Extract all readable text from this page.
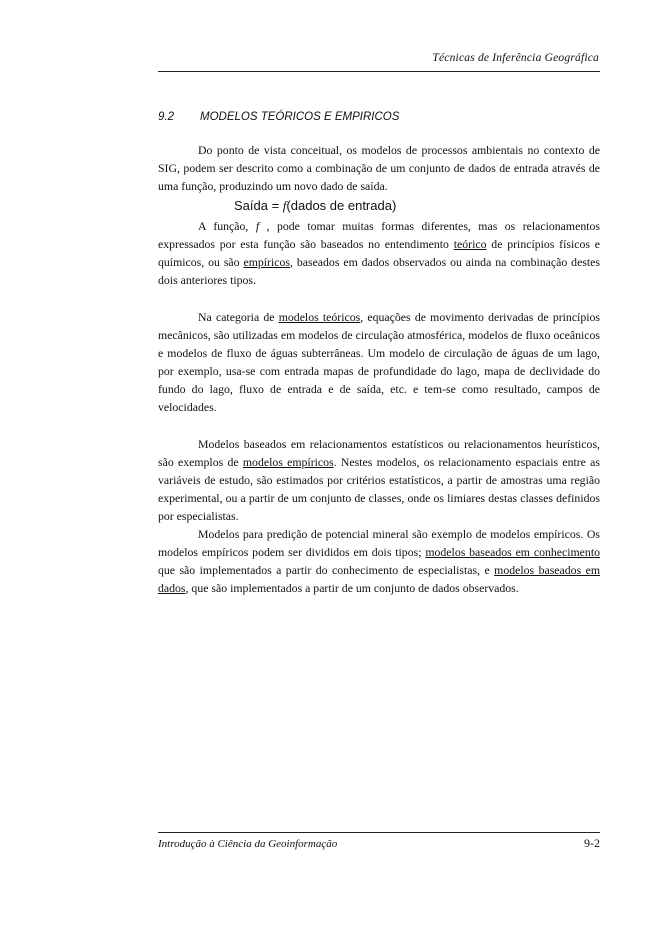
Técnicas de Inferência Geográfica
9.2 MODELOS TEÓRICOS E EMPIRICOS

Do ponto de vista conceitual, os modelos de processos ambientais no contexto de SIG, podem ser descrito como a combinação de um conjunto de dados de entrada através de uma função, produzindo um novo dado de saída.

Saída = f(dados de entrada)

A função, f , pode tomar muitas formas diferentes, mas os relacionamentos expressados por esta função são baseados no entendimento teórico de princípios físicos e químicos, ou são empíricos, baseados em dados observados ou ainda na combinação destes dois anteriores tipos.

Na categoria de modelos teóricos, equações de movimento derivadas de princípios mecânicos, são utilizadas em modelos de circulação atmosférica, modelos de fluxo oceânicos e modelos de fluxo de águas subterrâneas. Um modelo de circulação de águas de um lago, por exemplo, usa-se com entrada mapas de profundidade do lago, mapa de declividade do fundo do lago, fluxo de entrada e de saída, etc. e tem-se como resultado, campos de velocidades.

Modelos baseados em relacionamentos estatísticos ou relacionamentos heurísticos, são exemplos de modelos empíricos. Nestes modelos, os relacionamento espaciais entre as variáveis de estudo, são estimados por critérios estatísticos, a partir de amostras uma região experimental, ou a partir de um conjunto de classes, onde os limiares destas classes definidos por especialistas.

Modelos para predição de potencial mineral são exemplo de modelos empíricos. Os modelos empíricos podem ser divididos em dois tipos; modelos baseados em conhecimento que são implementados a partir do conhecimento de especialistas, e modelos baseados em dados, que são implementados a partir de um conjunto de dados observados.

Introdução à Ciência da Geoinformação	9-2
